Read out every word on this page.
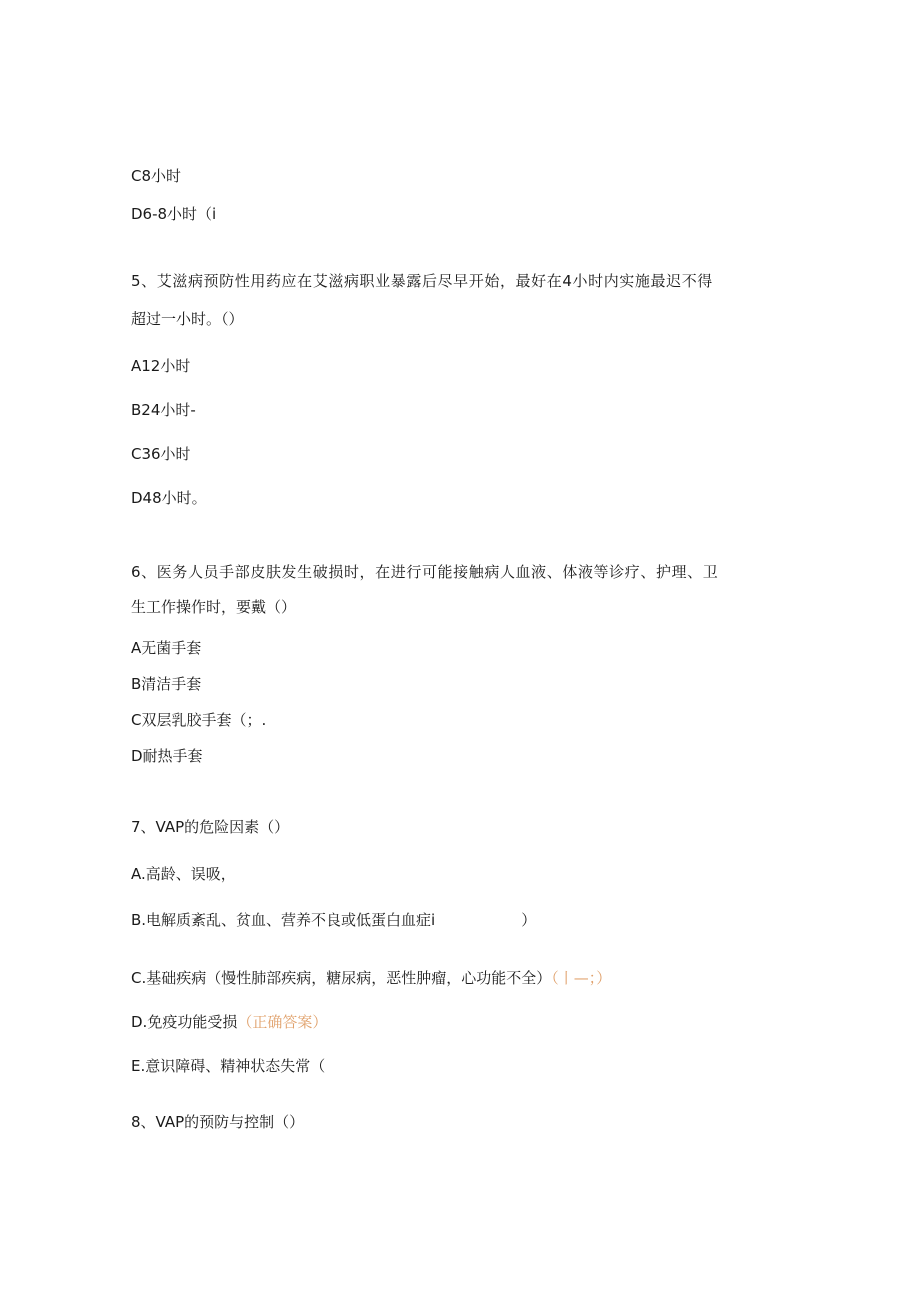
C8小时
D6-8小时（i
5、艾滋病预防性用药应在艾滋病职业暴露后尽早开始，最好在4小时内实施最迟不得
超过一小时。（）
A12小时
B24小时-
C36小时
D48小时。
6、医务人员手部皮肤发生破损时，在进行可能接触病人血液、体液等诊疗、护理、卫
生工作操作时，要戴（）
A无菌手套
B清洁手套
C双层乳胶手套（；.
D耐热手套
7、VAP的危险因素（）
A.高龄、误吸，
B.电解质紊乱、贫血、营养不良或低蛋白血症i	）
C.基础疾病（慢性肺部疾病，糖尿病，恶性肿瘤，心功能不全）（丨—；）
D.免疫功能受损（正确答案）
E.意识障碍、精神状态失常（
8、VAP的预防与控制（）
